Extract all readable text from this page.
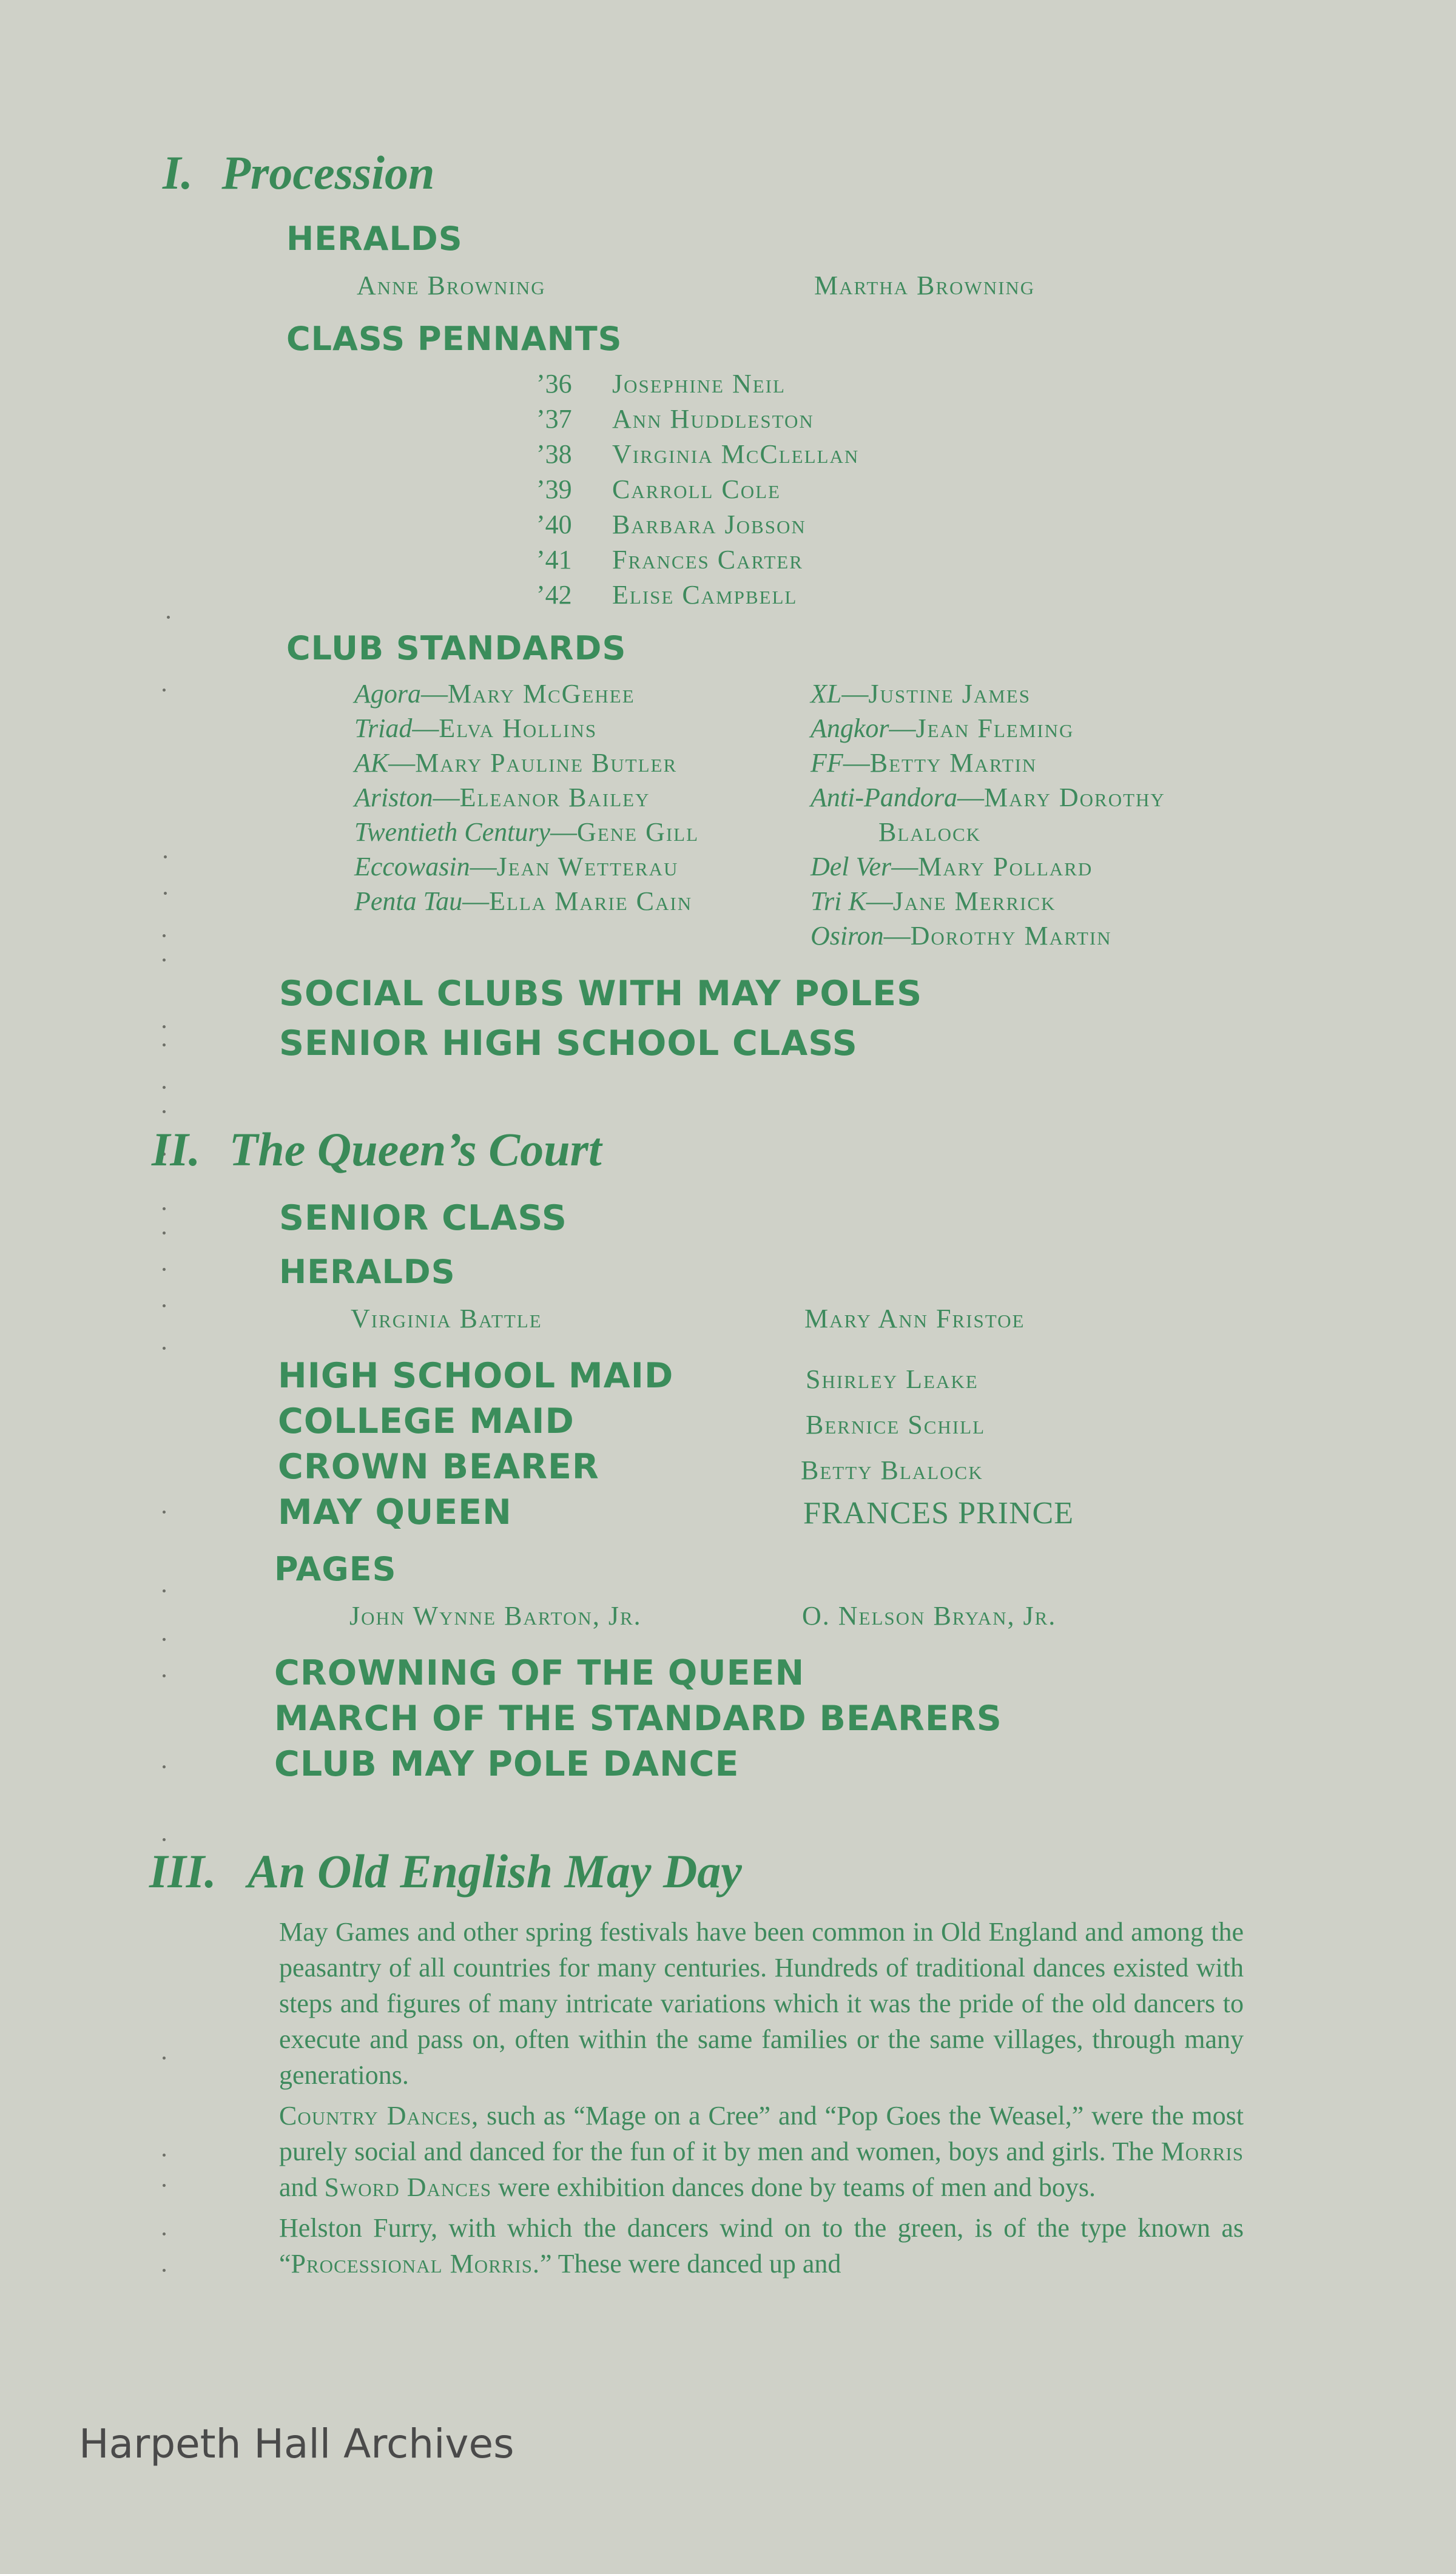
I. Procession
HERALDS
Anne Browning	Martha Browning
CLASS PENNANTS
’36 Josephine Neil
’37 Ann Huddleston
’38 Virginia McClellan
’39 Carroll Cole
’40 Barbara Jobson
’41 Frances Carter
’42 Elise Campbell
CLUB STANDARDS
Agora—Mary McGehee
Triad—Elva Hollins
AK—Mary Pauline Butler
Ariston—Eleanor Bailey
Twentieth Century—Gene Gill
Eccowasin—Jean Wetterau
Penta Tau—Ella Marie Cain
XL—Justine James
Angkor—Jean Fleming
FF—Betty Martin
Anti-Pandora—Mary Dorothy
Blalock
Del Ver—Mary Pollard
Tri K—Jane Merrick
Osiron—Dorothy Martin
SOCIAL CLUBS WITH MAY POLES
SENIOR HIGH SCHOOL CLASS
II. The Queen’s Court
SENIOR CLASS
HERALDS
Virginia Battle	Mary Ann Fristoe
HIGH SCHOOL MAID	Shirley Leake
COLLEGE MAID	Bernice Schill
CROWN BEARER	Betty Blalock
MAY QUEEN	FRANCES PRINCE
PAGES
John Wynne Barton, Jr.	O. Nelson Bryan, Jr.
CROWNING OF THE QUEEN
MARCH OF THE STANDARD BEARERS
CLUB MAY POLE DANCE
III. An Old English May Day

May Games and other spring festivals have been common in Old England and among the peasantry of all countries for many centuries. Hundreds of traditional dances existed with steps and figures of many intricate variations which it was the pride of the old dancers to execute and pass on, often within the same families or the same villages, through many generations.

Country Dances, such as “Mage on a Cree” and “Pop Goes the Weasel,” were the most purely social and danced for the fun of it by men and women, boys and girls. The Morris and Sword Dances were exhibition dances done by teams of men and boys.

Helston Furry, with which the dancers wind on to the green, is of the type known as “Processional Morris.” These were danced up and

Harpeth Hall Archives
